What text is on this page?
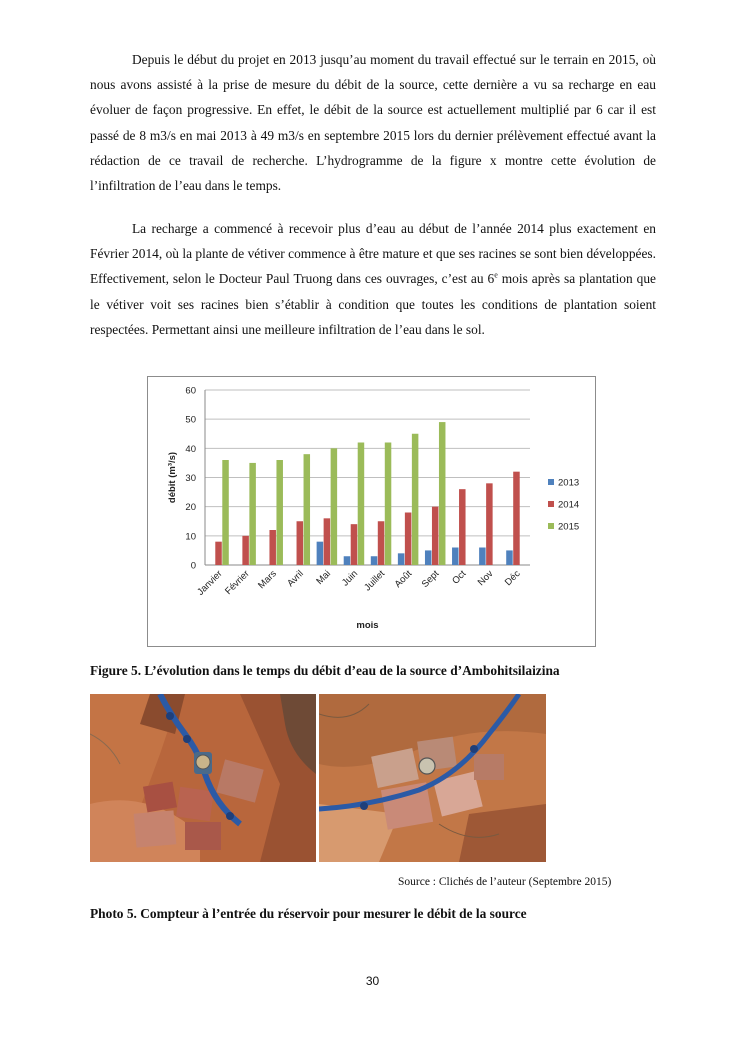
Depuis le début du projet en 2013 jusqu’au moment du travail effectué sur le terrain en 2015, où nous avons assisté à la prise de mesure du débit de la source, cette dernière a vu sa recharge en eau évoluer de façon progressive. En effet, le débit de la source est actuellement multiplié par 6 car il est passé de 8 m3/s en mai 2013 à 49 m3/s en septembre 2015 lors du dernier prélèvement effectué avant la rédaction de ce travail de recherche. L’hydrogramme de la figure x montre cette évolution de l’infiltration de l’eau dans le temps.

La recharge a commencé à recevoir plus d’eau au début de l’année 2014 plus exactement en Février 2014, où la plante de vétiver commence à être mature et que ses racines se sont bien développées. Effectivement, selon le Docteur Paul Truong dans ces ouvrages, c’est au 6e mois après sa plantation que le vétiver voit ses racines bien s’établir à condition que toutes les conditions de plantation soient respectées. Permettant ainsi une meilleure infiltration de l’eau dans le sol.

0
10
20
30
40
50
60
Janvier
Février Mars Avril Mai Juin Juillet Août Sept Oct Nov Déc
mois
débit (m³/s)	2013
2014
2015

Figure 5. L’évolution dans le temps du débit d’eau de la source d’Ambohitsilaizina

Source : Clichés de l’auteur (Septembre 2015)

Photo 5. Compteur à l’entrée du réservoir pour mesurer le débit de la source

30
